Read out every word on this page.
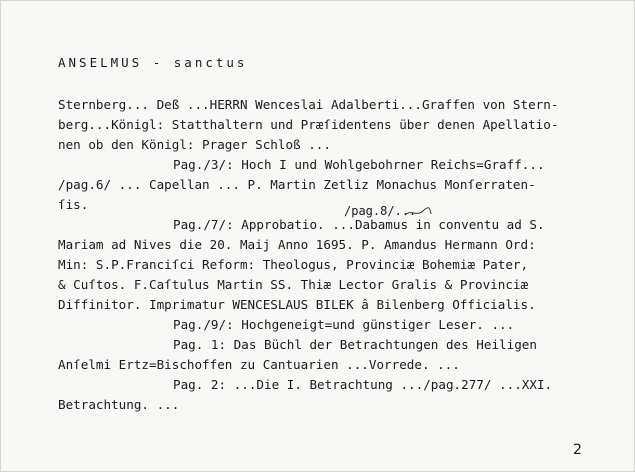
ANSELMUS - sanctus
Sternberg... Deß ...HERRN Wenceslai Adalberti...Graffen von Stern-
berg...Königl: Statthaltern und Præſidentens über denen Apellatio-
nen ob den Königl: Prager Schloß ...
Pag./3/: Hoch I und Wohlgebohrner Reichs=Graff...
/pag.6/ ... Capellan ... P. Martin Zetliz Monachus Monſerraten-
ſis.	/pag.8/...
Pag./7/: Approbatio. ...Dabamus in conventu ad S.
Mariam ad Nives die 20. Maij Anno 1695. P. Amandus Hermann Ord:
Min: S.P.Franciſci Reform: Theologus, Provinciæ Bohemiæ Pater,
& Cuſtos. F.Caſtulus Martin SS. Thiæ Lector Gralis & Provinciæ
Diffinitor. Imprimatur WENCESLAUS BILEK â Bilenberg Officialis.
Pag./9/: Hochgeneigt=und günstiger Leser. ...
Pag. 1: Das Büchl der Betrachtungen des Heiligen
Anſelmi Ertz=Bischoffen zu Cantuarien ...Vorrede. ...
Pag. 2: ...Die I. Betrachtung .../pag.277/ ...XXI.
Betrachtung. ...
2
